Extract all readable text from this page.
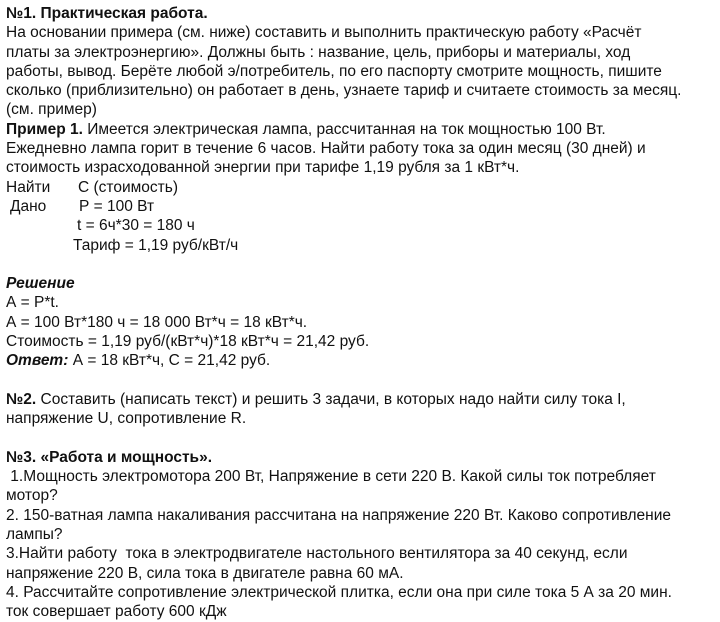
№1. Практическая работа.
На основании примера (см. ниже) составить и выполнить практическую работу «Расчёт
платы за электроэнергию». Должны быть : название, цель, приборы и материалы, ход
работы, вывод. Берёте любой э/потребитель, по его паспорту смотрите мощность, пишите
сколько (приблизительно) он работает в день, узнаете тариф и считаете стоимость за месяц.
(см. пример)
Пример 1. Имеется электрическая лампа, рассчитанная на ток мощностью 100 Вт.
Ежедневно лампа горит в течение 6 часов. Найти работу тока за один месяц (30 дней) и
стоимость израсходованной энергии при тарифе 1,19 рубля за 1 кВт*ч.
Найти С (стоимость)
Дано Р = 100 Вт
t = 6ч*30 = 180 ч
Тариф = 1,19 руб/кВт/ч
Решение
А = Р*t.
А = 100 Вт*180 ч = 18 000 Вт*ч = 18 кВт*ч.
Стоимость = 1,19 руб/(кВт*ч)*18 кВт*ч = 21,42 руб.
Ответ: А = 18 кВт*ч, С = 21,42 руб.
№2. Составить (написать текст) и решить 3 задачи, в которых надо найти силу тока I,
напряжение U, сопротивление R.
№3. «Работа и мощность».
1.Мощность электромотора 200 Вт, Напряжение в сети 220 В. Какой силы ток потребляет
мотор?
2. 150-ватная лампа накаливания рассчитана на напряжение 220 Вт. Каково сопротивление
лампы?
3.Найти работу  тока в электродвигателе настольного вентилятора за 40 секунд, если
напряжение 220 В, сила тока в двигателе равна 60 мА.
4. Рассчитайте сопротивление электрической плитка, если она при силе тока 5 А за 20 мин.
ток совершает работу 600 кДж
